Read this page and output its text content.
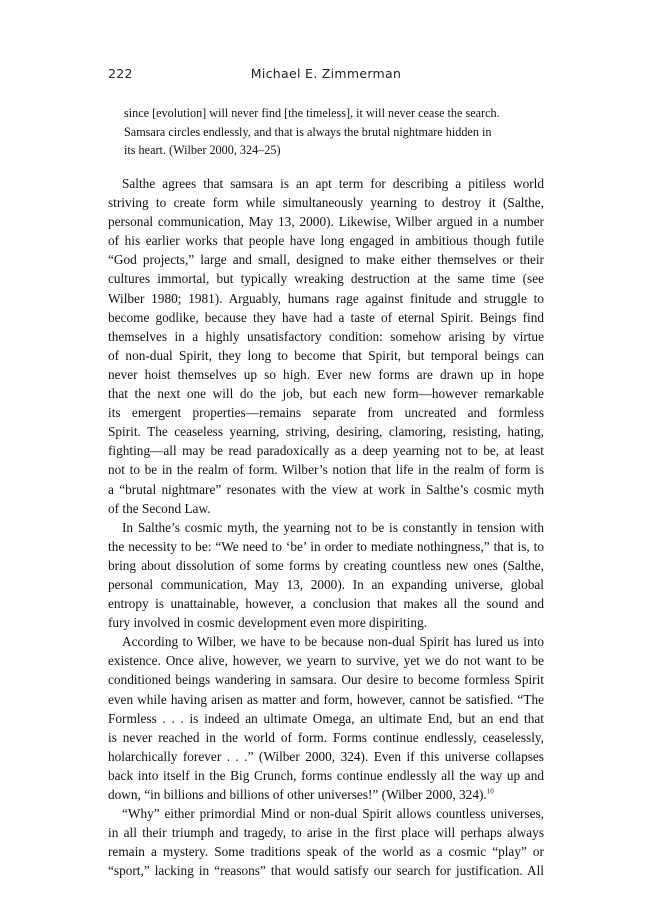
222	Michael E. Zimmerman
since [evolution] will never find [the timeless], it will never cease the search.
Samsara circles endlessly, and that is always the brutal nightmare hidden in
its heart. (Wilber 2000, 324–25)
Salthe agrees that samsara is an apt term for describing a pitiless world
striving to create form while simultaneously yearning to destroy it (Salthe,
personal communication, May 13, 2000). Likewise, Wilber argued in a number
of his earlier works that people have long engaged in ambitious though futile
“God projects,” large and small, designed to make either themselves or their
cultures immortal, but typically wreaking destruction at the same time (see
Wilber 1980; 1981). Arguably, humans rage against finitude and struggle to
become godlike, because they have had a taste of eternal Spirit. Beings find
themselves in a highly unsatisfactory condition: somehow arising by virtue
of non-dual Spirit, they long to become that Spirit, but temporal beings can
never hoist themselves up so high. Ever new forms are drawn up in hope
that the next one will do the job, but each new form—however remarkable
its emergent properties—remains separate from uncreated and formless
Spirit. The ceaseless yearning, striving, desiring, clamoring, resisting, hating,
fighting—all may be read paradoxically as a deep yearning not to be, at least
not to be in the realm of form. Wilber’s notion that life in the realm of form is
a “brutal nightmare” resonates with the view at work in Salthe’s cosmic myth
of the Second Law.
In Salthe’s cosmic myth, the yearning not to be is constantly in tension with
the necessity to be: “We need to ‘be’ in order to mediate nothingness,” that is, to
bring about dissolution of some forms by creating countless new ones (Salthe,
personal communication, May 13, 2000). In an expanding universe, global
entropy is unattainable, however, a conclusion that makes all the sound and
fury involved in cosmic development even more dispiriting.
According to Wilber, we have to be because non-dual Spirit has lured us into
existence. Once alive, however, we yearn to survive, yet we do not want to be
conditioned beings wandering in samsara. Our desire to become formless Spirit
even while having arisen as matter and form, however, cannot be satisfied. “The
Formless . . . is indeed an ultimate Omega, an ultimate End, but an end that
is never reached in the world of form. Forms continue endlessly, ceaselessly,
holarchically forever . . .” (Wilber 2000, 324). Even if this universe collapses
back into itself in the Big Crunch, forms continue endlessly all the way up and
down, “in billions and billions of other universes!” (Wilber 2000, 324).$^{10}$
“Why” either primordial Mind or non-dual Spirit allows countless universes,
in all their triumph and tragedy, to arise in the first place will perhaps always
remain a mystery. Some traditions speak of the world as a cosmic “play” or
“sport,” lacking in “reasons” that would satisfy our search for justification. All
